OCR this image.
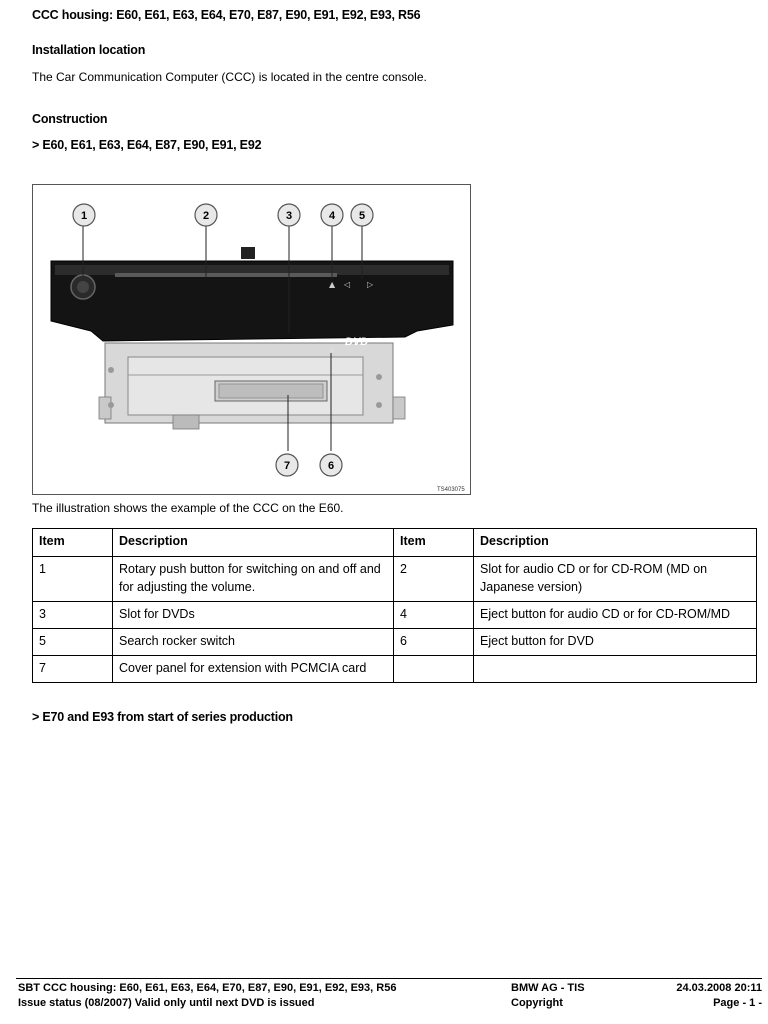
CCC housing: E60, E61, E63, E64, E70, E87, E90, E91, E92, E93, R56
Installation location
The Car Communication Computer (CCC) is located in the centre console.
Construction
> E60, E61, E63, E64, E87, E90, E91, E92
▲ ◁ ▷
▲
DVD
1	2	3	4 5
7	6
TS403075
The illustration shows the example of the CCC on the E60.
Item	Description	Item	Description
1	Rotary push button for switching on and off and for adjusting the volume.	2	Slot for audio CD or for CD-ROM (MD on Japanese version)
3	Slot for DVDs	4	Eject button for audio CD or for CD-ROM/MD
5	Search rocker switch	6	Eject button for DVD
7	Cover panel for extension with PCMCIA card		
> E70 and E93 from start of series production
SBT CCC housing: E60, E61, E63, E64, E70, E87, E90, E91, E92, E93, R56
Issue status (08/2007) Valid only until next DVD is issued
BMW AG - TIS
Copyright
24.03.2008 20:11
Page - 1 -
